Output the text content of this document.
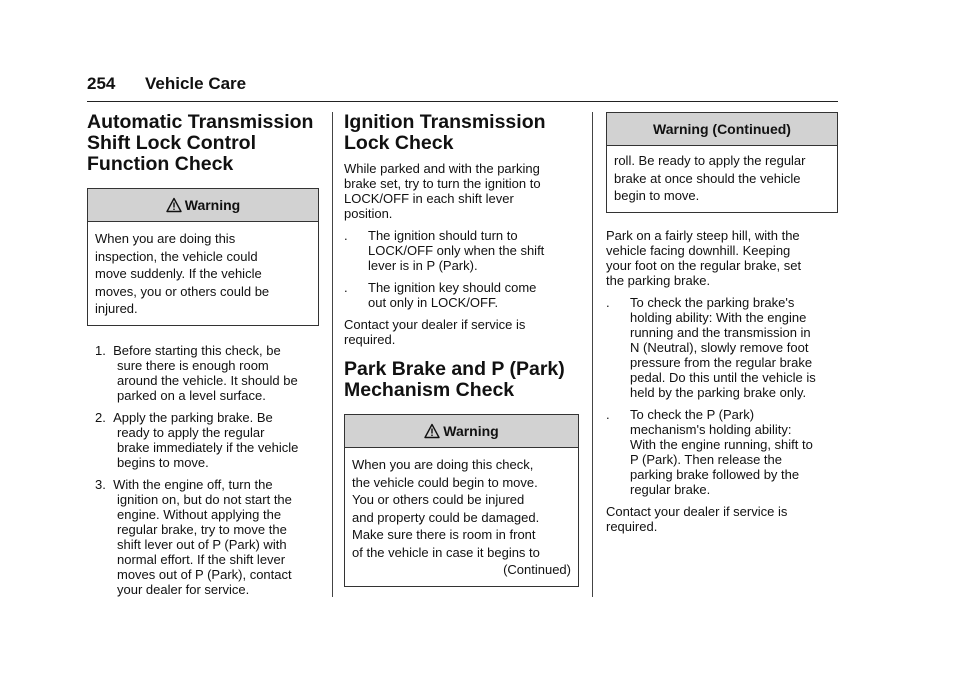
254 Vehicle Care
Automatic Transmission
Shift Lock Control
Function Check
Warning
When you are doing this
inspection, the vehicle could
move suddenly. If the vehicle
moves, you or others could be
injured.
1. Before starting this check, be
sure there is enough room
around the vehicle. It should be
parked on a level surface.
2. Apply the parking brake. Be
ready to apply the regular
brake immediately if the vehicle
begins to move.
3. With the engine off, turn the
ignition on, but do not start the
engine. Without applying the
regular brake, try to move the
shift lever out of P (Park) with
normal effort. If the shift lever
moves out of P (Park), contact
your dealer for service.
Ignition Transmission
Lock Check

While parked and with the parking
brake set, try to turn the ignition to
LOCK/OFF in each shift lever
position.

. The ignition should turn to
LOCK/OFF only when the shift
lever is in P (Park).
. The ignition key should come
out only in LOCK/OFF.

Contact your dealer if service is
required.

Park Brake and P (Park)
Mechanism Check
Warning
When you are doing this check,
the vehicle could begin to move.
You or others could be injured
and property could be damaged.
Make sure there is room in front
of the vehicle in case it begins to
(Continued)
Warning (Continued)
roll. Be ready to apply the regular
brake at once should the vehicle
begin to move.

Park on a fairly steep hill, with the
vehicle facing downhill. Keeping
your foot on the regular brake, set
the parking brake.

. To check the parking brake's
holding ability: With the engine
running and the transmission in
N (Neutral), slowly remove foot
pressure from the regular brake
pedal. Do this until the vehicle is
held by the parking brake only.
. To check the P (Park)
mechanism's holding ability:
With the engine running, shift to
P (Park). Then release the
parking brake followed by the
regular brake.

Contact your dealer if service is
required.
